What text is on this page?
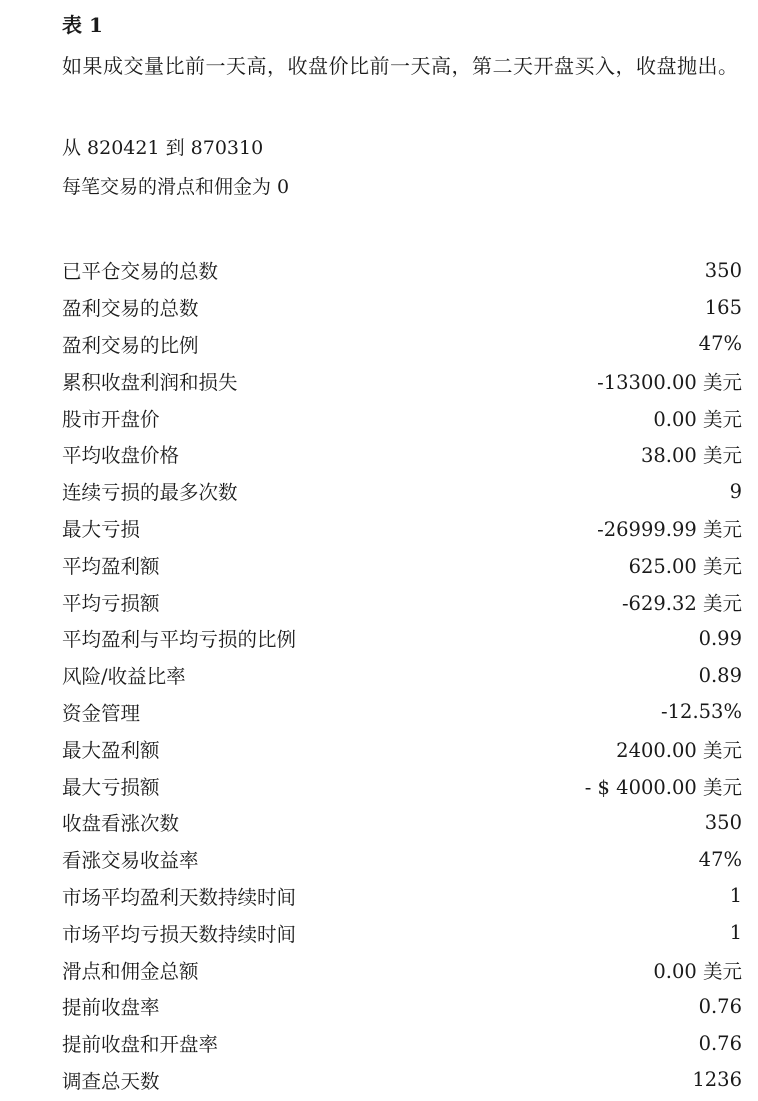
表 1
如果成交量比前一天高，收盘价比前一天高，第二天开盘买入，收盘抛出。
从 820421 到 870310
每笔交易的滑点和佣金为 0
已平仓交易的总数	350
盈利交易的总数	165
盈利交易的比例	47%
累积收盘利润和损失	-13300.00 美元
股市开盘价	0.00 美元
平均收盘价格	38.00 美元
连续亏损的最多次数	9
最大亏损	-26999.99 美元
平均盈利额	625.00 美元
平均亏损额	-629.32 美元
平均盈利与平均亏损的比例	0.99
风险/收益比率	0.89
资金管理	-12.53%
最大盈利额	2400.00 美元
最大亏损额	- $ 4000.00 美元
收盘看涨次数	350
看涨交易收益率	47%
市场平均盈利天数持续时间	1
市场平均亏损天数持续时间	1
滑点和佣金总额	0.00 美元
提前收盘率	0.76
提前收盘和开盘率	0.76
调查总天数	1236
